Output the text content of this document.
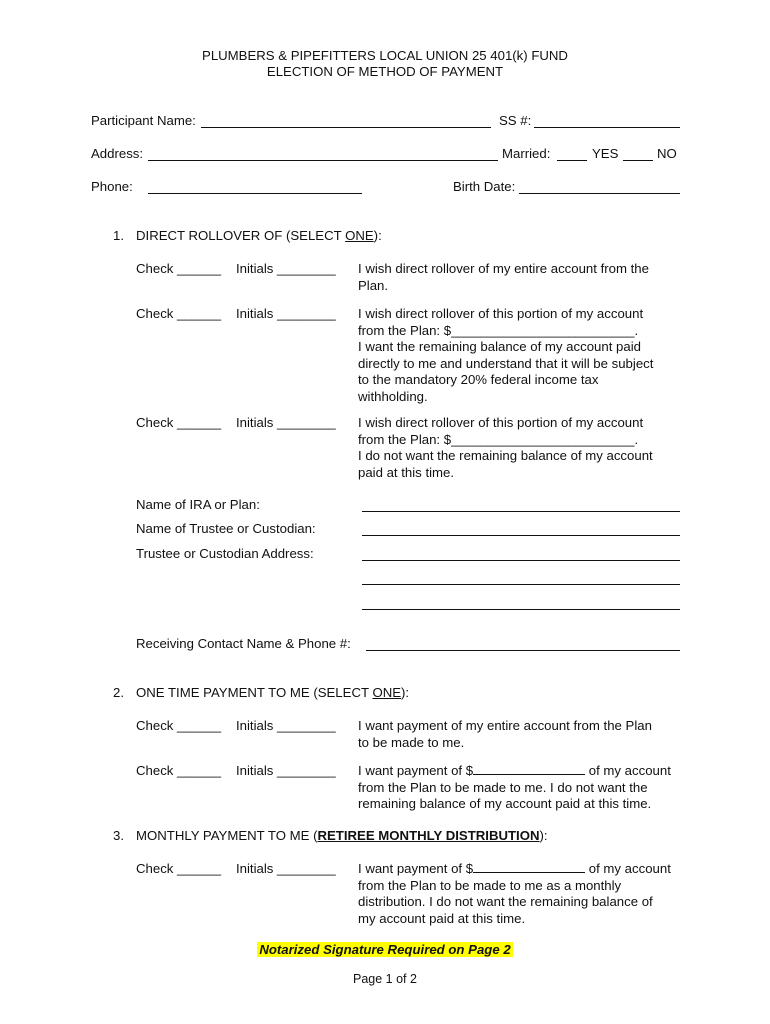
PLUMBERS & PIPEFITTERS LOCAL UNION 25 401(k) FUND
ELECTION OF METHOD OF PAYMENT
Participant Name:	SS #:
Address:	Married:	YES	NO
Phone:	Birth Date:
1. DIRECT ROLLOVER OF (SELECT ONE):
Check ______ Initials ________ I wish direct rollover of my entire account from the
Plan.
Check ______ Initials ________ I wish direct rollover of this portion of my account
from the Plan: $_________________________.
I want the remaining balance of my account paid
directly to me and understand that it will be subject
to the mandatory 20% federal income tax
withholding.
Check ______ Initials ________ I wish direct rollover of this portion of my account
from the Plan: $_________________________.
I do not want the remaining balance of my account
paid at this time.
Name of IRA or Plan:
Name of Trustee or Custodian:
Trustee or Custodian Address:
Receiving Contact Name & Phone #:
2. ONE TIME PAYMENT TO ME (SELECT ONE):
Check ______ Initials ________ I want payment of my entire account from the Plan
to be made to me.
Check ______ Initials ________ I want payment of $	of my account
from the Plan to be made to me. I do not want the
remaining balance of my account paid at this time.
3. MONTHLY PAYMENT TO ME (RETIREE MONTHLY DISTRIBUTION):
Check ______ Initials ________ I want payment of $	of my account
from the Plan to be made to me as a monthly
distribution. I do not want the remaining balance of
my account paid at this time.
Notarized Signature Required on Page 2
Page 1 of 2
